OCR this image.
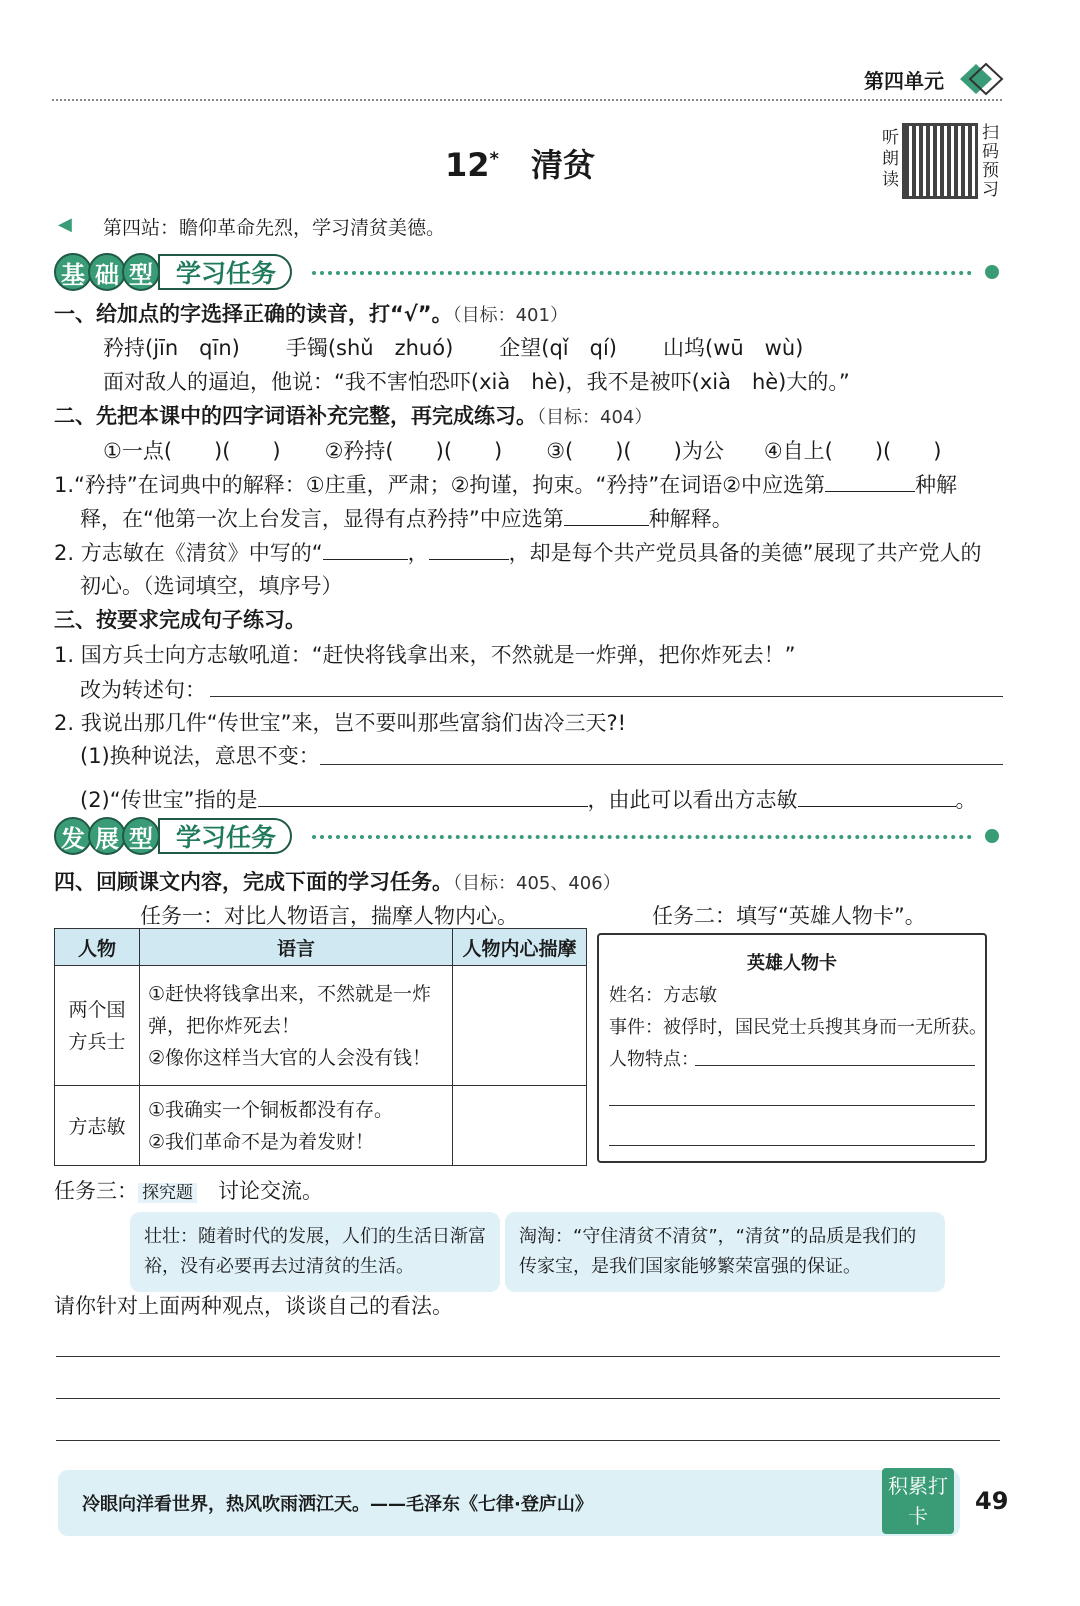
第四单元
12*　 清贫
听朗读
扫码预习
◀ 第四站：瞻仰革命先烈，学习清贫美德。
基 础 型 学习任务
一、给加点的字选择正确的读音，打“√”。（目标：401）
矜持(jīn　qīn) 手镯(shǔ　zhuó) 企望(qǐ　qí) 山坞(wū　wù)
面对敌人的逼迫，他说：“我不害怕恐吓(xià　hè)，我不是被吓(xià　hè)大的。”
二、先把本课中的四字词语补充完整，再完成练习。（目标：404）
①一点(　　)(　　) ②矜持(　　)(　　) ③(　　)(　　)为公 ④自上(　　)(　　)
1.“矜持”在词典中的解释：①庄重，严肃；②拘谨，拘束。“矜持”在词语②中应选第	种解
释，在“他第一次上台发言，显得有点矜持”中应选第	种解释。
2. 方志敏在《清贫》中写的“	，	，却是每个共产党员具备的美德”展现了共产党人的
初心。（选词填空，填序号）
三、按要求完成句子练习。
1. 国方兵士向方志敏吼道：“赶快将钱拿出来，不然就是一炸弹，把你炸死去！”
改为转述句：
2. 我说出那几件“传世宝”来，岂不要叫那些富翁们齿冷三天?!
(1)换种说法，意思不变：
(2)“传世宝”指的是	，由此可以看出方志敏	。
发 展 型 学习任务
四、回顾课文内容，完成下面的学习任务。（目标：405、406）
任务一：对比人物语言，揣摩人物内心。	任务二：填写“英雄人物卡”。
人物	语言	人物内心揣摩
两个国方兵士	①赶快将钱拿出来，不然就是一炸弹，把你炸死去！
②像你这样当大官的人会没有钱！	

方志敏	①我确实一个铜板都没有存。
②我们革命不是为着发财！	

英雄人物卡
姓名：方志敏
事件：被俘时，国民党士兵搜其身而一无所获。
人物特点：
任务三： 探究题　 讨论交流。
壮壮：随着时代的发展，人们的生活日渐富裕，没有必要再去过清贫的生活。
淘淘：“守住清贫不清贫”，“清贫”的品质是我们的传家宝，是我们国家能够繁荣富强的保证。
请你针对上面两种观点，谈谈自己的看法。
冷眼向洋看世界，热风吹雨洒江天。——毛泽东《七律·登庐山》
积累打卡
49
